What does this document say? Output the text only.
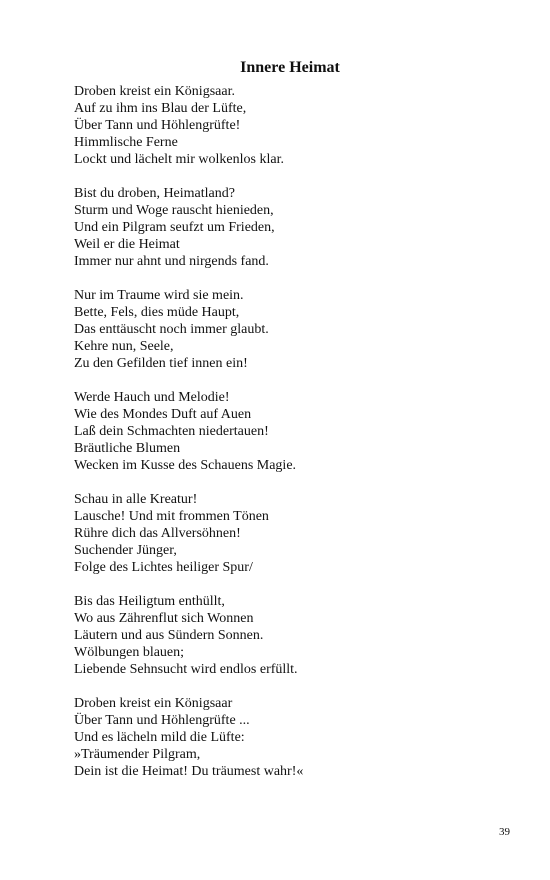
Innere Heimat
Droben kreist ein Königsaar.
Auf zu ihm ins Blau der Lüfte,
Über Tann und Höhlengrüfte!
Himmlische Ferne
Lockt und lächelt mir wolkenlos klar.
Bist du droben, Heimatland?
Sturm und Woge rauscht hienieden,
Und ein Pilgram seufzt um Frieden,
Weil er die Heimat
Immer nur ahnt und nirgends fand.
Nur im Traume wird sie mein.
Bette, Fels, dies müde Haupt,
Das enttäuscht noch immer glaubt.
Kehre nun, Seele,
Zu den Gefilden tief innen ein!
Werde Hauch und Melodie!
Wie des Mondes Duft auf Auen
Laß dein Schmachten niedertauen!
Bräutliche Blumen
Wecken im Kusse des Schauens Magie.
Schau in alle Kreatur!
Lausche! Und mit frommen Tönen
Rühre dich das Allversöhnen!
Suchender Jünger,
Folge des Lichtes heiliger Spur/
Bis das Heiligtum enthüllt,
Wo aus Zährenflut sich Wonnen
Läutern und aus Sündern Sonnen.
Wölbungen blauen;
Liebende Sehnsucht wird endlos erfüllt.
Droben kreist ein Königsaar
Über Tann und Höhlengrüfte ...
Und es lächeln mild die Lüfte:
»Träumender Pilgram,
Dein ist die Heimat! Du träumest wahr!«
39
